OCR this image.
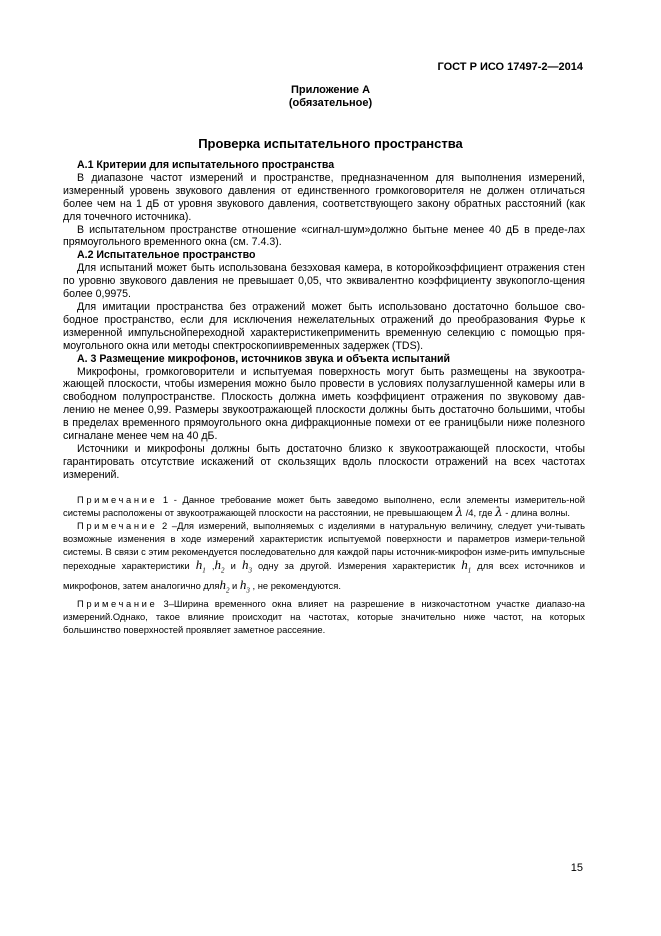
ГОСТ Р ИСО 17497-2—2014
Приложение А
(обязательное)
Проверка испытательного пространства

А.1 Критерии для испытательного пространства

В диапазоне частот измерений и пространстве, предназначенном для выполнения измерений, измеренный уровень звукового давления от единственного громкоговорителя не должен отличаться более чем на 1 дБ от уровня звукового давления, соответствующего закону обратных расстояний (как для точечного источника).

В испытательном пространстве отношение «сигнал-шум»должно бытьне менее 40 дБ в преде-лах прямоугольного временного окна (см. 7.4.3).

А.2 Испытательное пространство

Для испытаний может быть использована безэховая камера, в которойкоэффициент отражения стен по уровню звукового давления не превышает 0,05, что эквивалентно коэффициенту звукопогло-щения более 0,9975.

Для имитации пространства без отражений может быть использовано достаточно большое сво-бодное пространство, если для исключения нежелательных отражений до преобразования Фурье к измеренной импульснойпереходной характеристикеприменить временную селекцию с помощью пря-моугольного окна или методы спектроскопиивременных задержек (TDS).

А. 3 Размещение микрофонов, источников звука и объекта испытаний

Микрофоны, громкоговорители и испытуемая поверхность могут быть размещены на звукоотра-жающей плоскости, чтобы измерения можно было провести в условиях полузаглушенной камеры или в свободном полупространстве. Плоскость должна иметь коэффициент отражения по звуковому дав-лению не менее 0,99. Размеры звукоотражающей плоскости должны быть достаточно большими, чтобы в пределах временного прямоугольного окна дифракционные помехи от ее границбыли ниже полезного сигналане менее чем на 40 дБ.

Источники и микрофоны должны быть достаточно близко к звукоотражающей плоскости, чтобы гарантировать отсутствие искажений от скользящих вдоль плоскости отражений на всех частотах измерений.

Примечание 1 - Данное требование может быть заведомо выполнено, если элементы измеритель-ной системы расположены от звукоотражающей плоскости на расстоянии, не превышающем λ /4, где λ - длина волны.

Примечание 2 –Для измерений, выполняемых с изделиями в натуральную величину, следует учи-тывать возможные изменения в ходе измерений характеристик испытуемой поверхности и параметров измери-тельной системы. В связи с этим рекомендуется последовательно для каждой пары источник-микрофон изме-рить импульсные переходные характеристики $h_1$ $,h_2$ и $h_3$ одну за другой. Измерения характеристик $h_1$ для всех источников и микрофонов, затем аналогично дляh$_2$ и $h_3$ , не рекомендуются.

Примечание 3–Ширина временного окна влияет на разрешение в низкочастотном участке диапазо-на измерений.Однако, такое влияние происходит на частотах, которые значительно ниже частот, на которых большинство поверхностей проявляет заметное рассеяние.

15
